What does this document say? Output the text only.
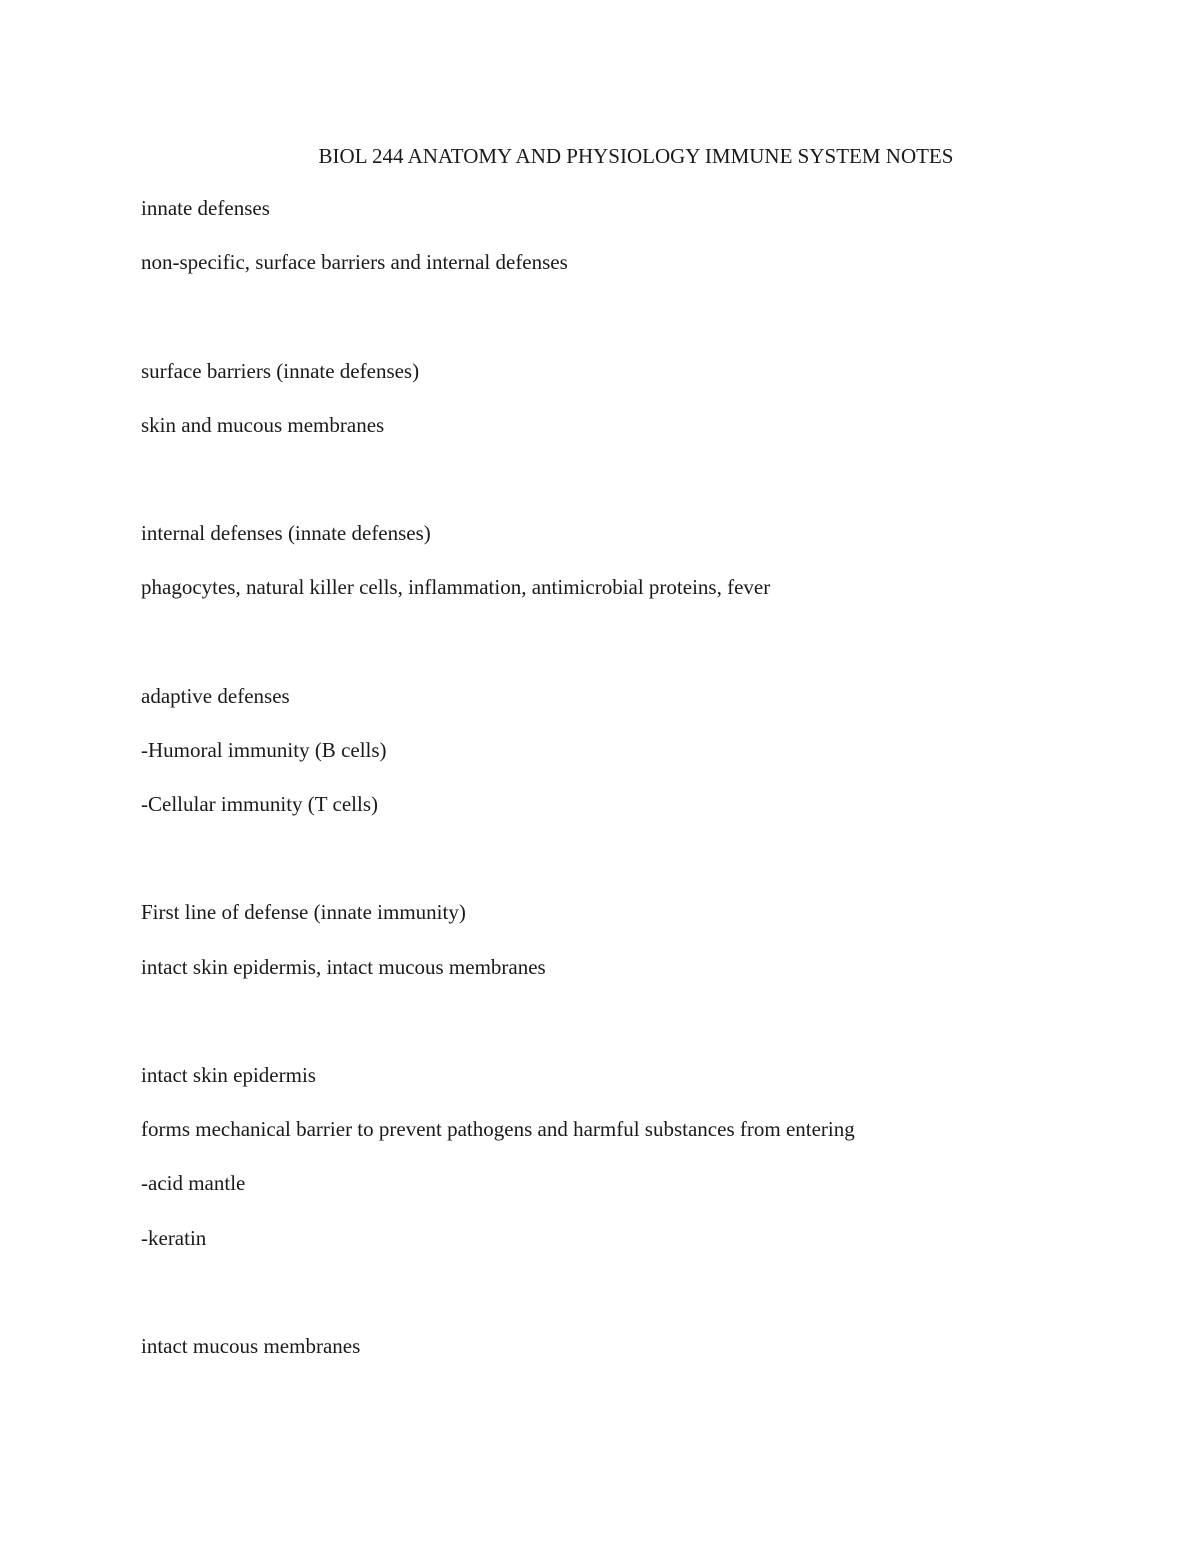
BIOL 244 ANATOMY AND PHYSIOLOGY IMMUNE SYSTEM NOTES
innate defenses
non-specific, surface barriers and internal defenses
surface barriers (innate defenses)
skin and mucous membranes
internal defenses (innate defenses)
phagocytes, natural killer cells, inflammation, antimicrobial proteins, fever
adaptive defenses
-Humoral immunity (B cells)
-Cellular immunity (T cells)
First line of defense (innate immunity)
intact skin epidermis, intact mucous membranes
intact skin epidermis
forms mechanical barrier to prevent pathogens and harmful substances from entering
-acid mantle
-keratin
intact mucous membranes
